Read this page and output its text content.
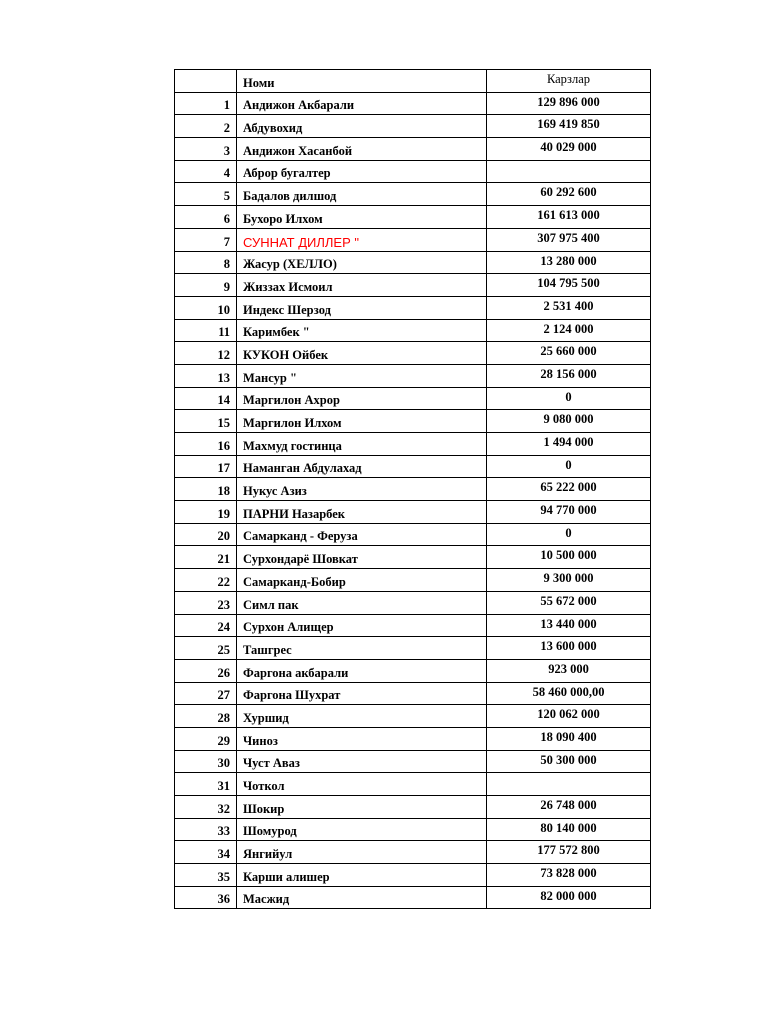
	Номи	Карзлар
1	Андижон Акбарали	129 896 000
2	Абдувохид	169 419 850
3	Андижон Хасанбой	40 029 000
4	Аброр бугалтер	
5	Бадалов дилшод	60 292 600
6	Бухоро Илхом	161 613 000
7	СУННАТ ДИЛЛЕР "	307 975 400
8	Жасур (ХЕЛЛО)	13 280 000
9	Жиззах Исмоил	104 795 500
10	Индекс Шерзод	2 531 400
11	Каримбек "	2 124 000
12	КУКОН Ойбек	25 660 000
13	Мансур "	28 156 000
14	Маргилон Ахрор	0
15	Маргилон Илхом	9 080 000
16	Махмуд гостинца	1 494 000
17	Наманган Абдулахад	0
18	Нукус Азиз	65 222 000
19	ПАРНИ Назарбек	94 770 000
20	Самарканд - Феруза	0
21	Сурхондарё Шовкат	10 500 000
22	Самарканд-Бобир	9 300 000
23	Симл пак	55 672 000
24	Сурхон Алищер	13 440 000
25	Ташгрес	13 600 000
26	Фаргона акбарали	923 000
27	Фаргона Шухрат	58 460 000,00
28	Хуршид	120 062 000
29	Чиноз	18 090 400
30	Чуст Аваз	50 300 000
31	Чоткол	
32	Шокир	26 748 000
33	Шомурод	80 140 000
34	Янгийул	177 572 800
35	Карши алишер	73 828 000
36	Масжид	82 000 000
